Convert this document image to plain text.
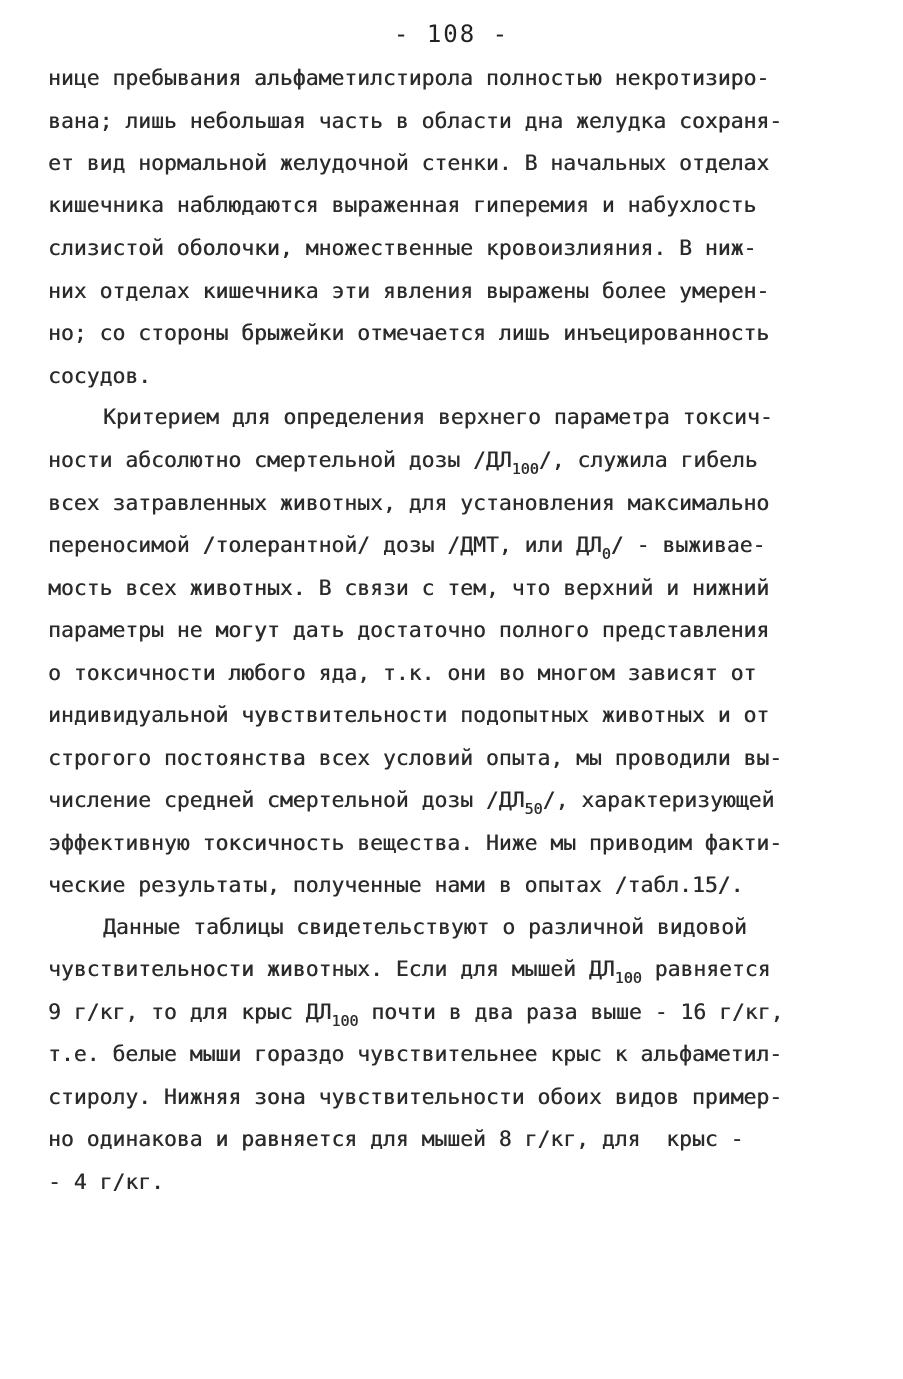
- 108 -
нице пребывания альфаметилстирола полностью некротизиро-
вана; лишь небольшая часть в области дна желудка сохраня-
ет вид нормальной желудочной стенки. В начальных отделах
кишечника наблюдаются выраженная гиперемия и набухлость
слизистой оболочки, множественные кровоизлияния. В ниж-
них отделах кишечника эти явления выражены более умерен-
но; со стороны брыжейки отмечается лишь инъецированность
сосудов.
Критерием для определения верхнего параметра токсич-
ности абсолютно смертельной дозы $/ДЛ_{100}/$, служила гибель
всех затравленных животных, для установления максимально
переносимой /толерантной/ дозы /ДМТ, или $ДЛ_0/$ - выживае-
мость всех животных. В связи с тем, что верхний и нижний
параметры не могут дать достаточно полного представления
о токсичности любого яда, т.к. они во многом зависят от
индивидуальной чувствительности подопытных животных и от
строгого постоянства всех условий опыта, мы проводили вы-
числение средней смертельной дозы $/ДЛ_{50}/$, характеризующей
эффективную токсичность вещества. Ниже мы приводим факти-
ческие результаты, полученные нами в опытах /табл.15/.
Данные таблицы свидетельствуют о различной видовой
чувствительности животных. Если для мышей $ДЛ_{100}$ равняется
9 г/кг, то для крыс $ДЛ_{100}$ почти в два раза выше - 16 г/кг,
т.е. белые мыши гораздо чувствительнее крыс к альфаметил-
стиролу. Нижняя зона чувствительности обоих видов пример-
но одинакова и равняется для мышей 8 г/кг, для  крыс -
- 4 г/кг.
